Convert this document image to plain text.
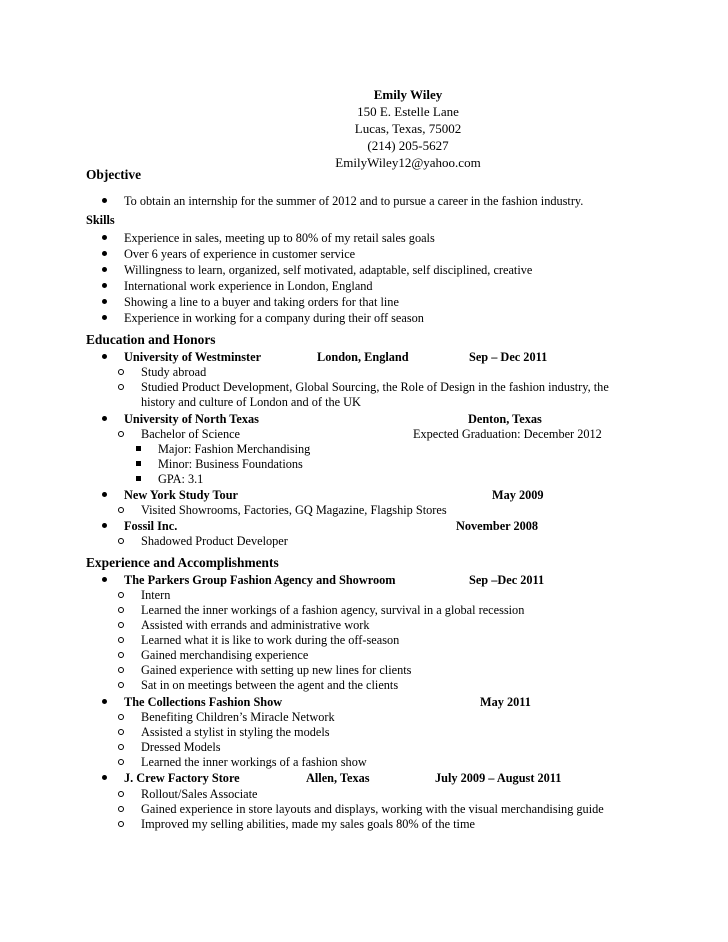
Emily Wiley
150 E. Estelle Lane
Lucas, Texas, 75002
(214) 205-5627
EmilyWiley12@yahoo.com
Objective
To obtain an internship for the summer of 2012 and to pursue a career in the fashion industry.
Skills
Experience in sales, meeting up to 80% of my retail sales goals
Over 6 years of experience in customer service
Willingness to learn, organized, self motivated, adaptable, self disciplined, creative
International work experience in London, England
Showing a line to a buyer and taking orders for that line
Experience in working for a company during their off season
Education and Honors
University of Westminster	London, England	Sep – Dec 2011
Study abroad
Studied Product Development, Global Sourcing, the Role of Design in the fashion industry, the
history and culture of London and of the UK
University of North Texas	Denton, Texas
Bachelor of Science	Expected Graduation: December 2012
Major: Fashion Merchandising
Minor: Business Foundations
GPA: 3.1
New York Study Tour	May 2009
Visited Showrooms, Factories, GQ Magazine, Flagship Stores
Fossil Inc.	November 2008
Shadowed Product Developer
Experience and Accomplishments
The Parkers Group Fashion Agency and Showroom	Sep –Dec 2011
Intern
Learned the inner workings of a fashion agency, survival in a global recession
Assisted with errands and administrative work
Learned what it is like to work during the off-season
Gained merchandising experience
Gained experience with setting up new lines for clients
Sat in on meetings between the agent and the clients
The Collections Fashion Show	May 2011
Benefiting Children’s Miracle Network
Assisted a stylist in styling the models
Dressed Models
Learned the inner workings of a fashion show
J. Crew Factory Store	Allen, Texas	July 2009 – August 2011
Rollout/Sales Associate
Gained experience in store layouts and displays, working with the visual merchandising guide
Improved my selling abilities, made my sales goals 80% of the time
